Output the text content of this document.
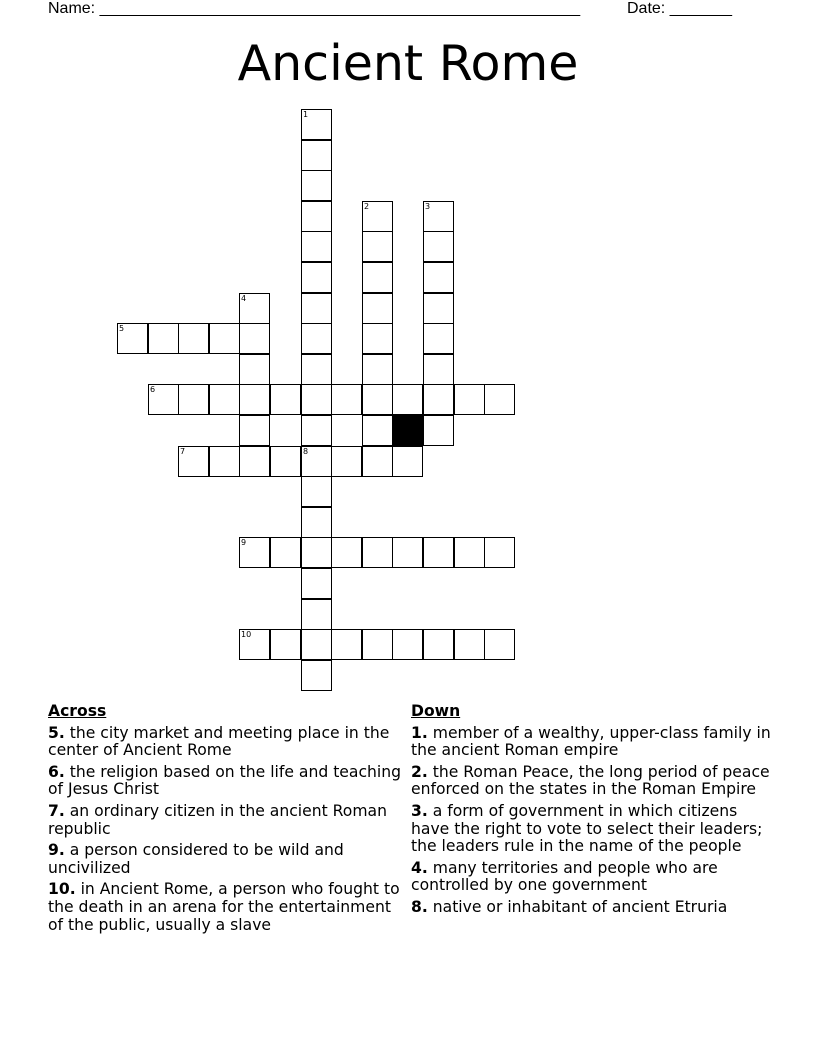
Name: ______________________________________________________	Date: _______
Ancient Rome
5
6
7	8
9
10
1
2	3
4
Across
5. the city market and meeting place in the center of Ancient Rome
6. the religion based on the life and teaching of Jesus Christ
7. an ordinary citizen in the ancient Roman republic
9. a person considered to be wild and uncivilized
10. in Ancient Rome, a person who fought to the death in an arena for the entertainment of the public, usually a slave
Down
1. member of a wealthy, upper-class family in the ancient Roman empire
2. the Roman Peace, the long period of peace enforced on the states in the Roman Empire
3. a form of government in which citizens have the right to vote to select their leaders; the leaders rule in the name of the people
4. many territories and people who are controlled by one government
8. native or inhabitant of ancient Etruria
